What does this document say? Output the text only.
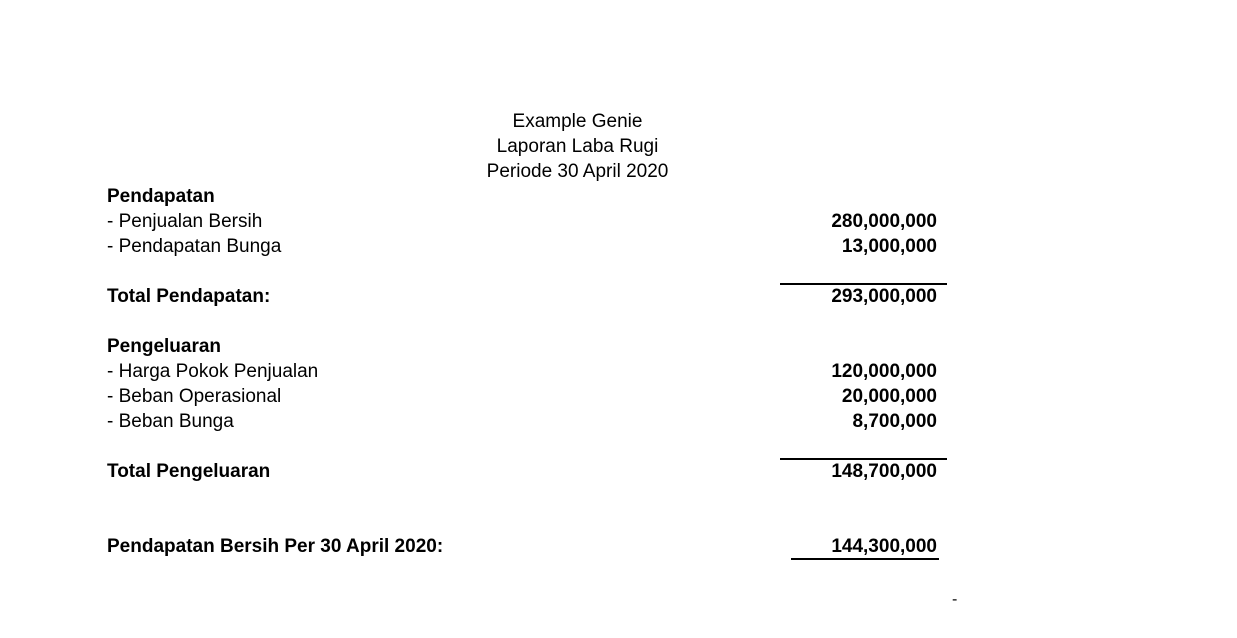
Example Genie
Laporan Laba Rugi
Periode 30 April 2020
Pendapatan
- Penjualan Bersih	280,000,000
- Pendapatan Bunga	13,000,000
Total Pendapatan:	293,000,000
Pengeluaran
- Harga Pokok Penjualan	120,000,000
- Beban Operasional	20,000,000
- Beban Bunga	8,700,000
Total Pengeluaran	148,700,000
Pendapatan Bersih Per 30 April 2020:	144,300,000
-
